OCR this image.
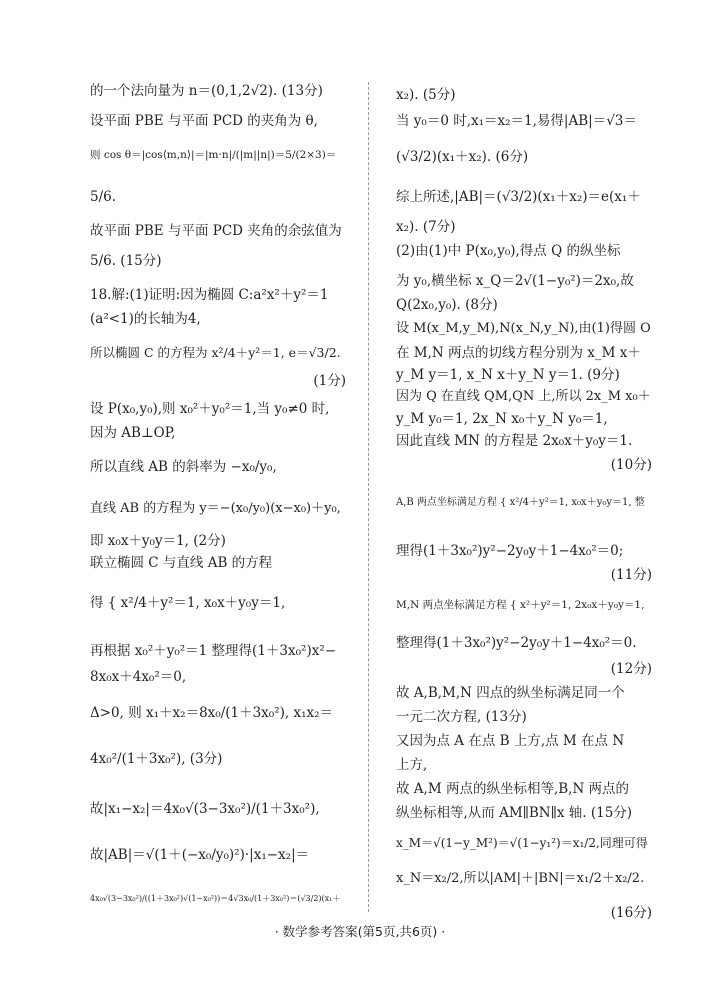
的一个法向量为 n＝(0,1,2√2). (13分)
设平面 PBE 与平面 PCD 的夹角为 θ,
则 cos θ＝|cos⟨m,n⟩|＝|m·n|/(|m||n|)＝5/(2×3)＝
5/6.
故平面 PBE 与平面 PCD 夹角的余弦值为
5/6. (15分)
18.解:(1)证明:因为椭圆 C:a²x²＋y²＝1
(a²<1)的长轴为4,
所以椭圆 C 的方程为 x²/4＋y²＝1, e＝√3/2.
(1分)
设 P(x₀,y₀),则 x₀²＋y₀²＝1,当 y₀≠0 时,
因为 AB⊥OP,
所以直线 AB 的斜率为 −x₀/y₀,
直线 AB 的方程为 y＝−(x₀/y₀)(x−x₀)＋y₀,
即 x₀x＋y₀y＝1, (2分)
联立椭圆 C 与直线 AB 的方程
得 { x²/4＋y²＝1, x₀x＋y₀y＝1,
再根据 x₀²＋y₀²＝1 整理得(1＋3x₀²)x²−
8x₀x＋4x₀²＝0,
Δ>0, 则 x₁＋x₂＝8x₀/(1＋3x₀²), x₁x₂＝
4x₀²/(1＋3x₀²), (3分)
故|x₁−x₂|＝4x₀√(3−3x₀²)/(1＋3x₀²),
故|AB|＝√(1＋(−x₀/y₀)²)·|x₁−x₂|＝
4x₀√(3−3x₀²)/((1＋3x₀²)√(1−x₀²))＝4√3x₀/(1＋3x₀²)＝(√3/2)(x₁＋
x₂). (5分)
当 y₀＝0 时,x₁＝x₂＝1,易得|AB|＝√3＝
(√3/2)(x₁＋x₂). (6分)
综上所述,|AB|＝(√3/2)(x₁＋x₂)＝e(x₁＋
x₂). (7分)
(2)由(1)中 P(x₀,y₀),得点 Q 的纵坐标
为 y₀,横坐标 x_Q＝2√(1−y₀²)＝2x₀,故
Q(2x₀,y₀). (8分)
设 M(x_M,y_M),N(x_N,y_N),由(1)得圆 O
在 M,N 两点的切线方程分别为 x_M x＋
y_M y＝1, x_N x＋y_N y＝1. (9分)
因为 Q 在直线 QM,QN 上,所以 2x_M x₀＋
y_M y₀＝1, 2x_N x₀＋y_N y₀＝1,
因此直线 MN 的方程是 2x₀x＋y₀y＝1.
(10分)
A,B 两点坐标满足方程 { x²/4＋y²＝1, x₀x＋y₀y＝1, 整
理得(1＋3x₀²)y²−2y₀y＋1−4x₀²＝0;
(11分)
M,N 两点坐标满足方程 { x²＋y²＝1, 2x₀x＋y₀y＝1,
整理得(1＋3x₀²)y²−2y₀y＋1−4x₀²＝0.
(12分)
故 A,B,M,N 四点的纵坐标满足同一个
一元二次方程, (13分)
又因为点 A 在点 B 上方,点 M 在点 N
上方,
故 A,M 两点的纵坐标相等,B,N 两点的
纵坐标相等,从而 AM∥BN∥x 轴. (15分)
x_M＝√(1−y_M²)＝√(1−y₁²)＝x₁/2,同理可得
x_N＝x₂/2,所以|AM|＋|BN|＝x₁/2＋x₂/2.
(16分)
· 数学参考答案(第5页,共6页) ·
